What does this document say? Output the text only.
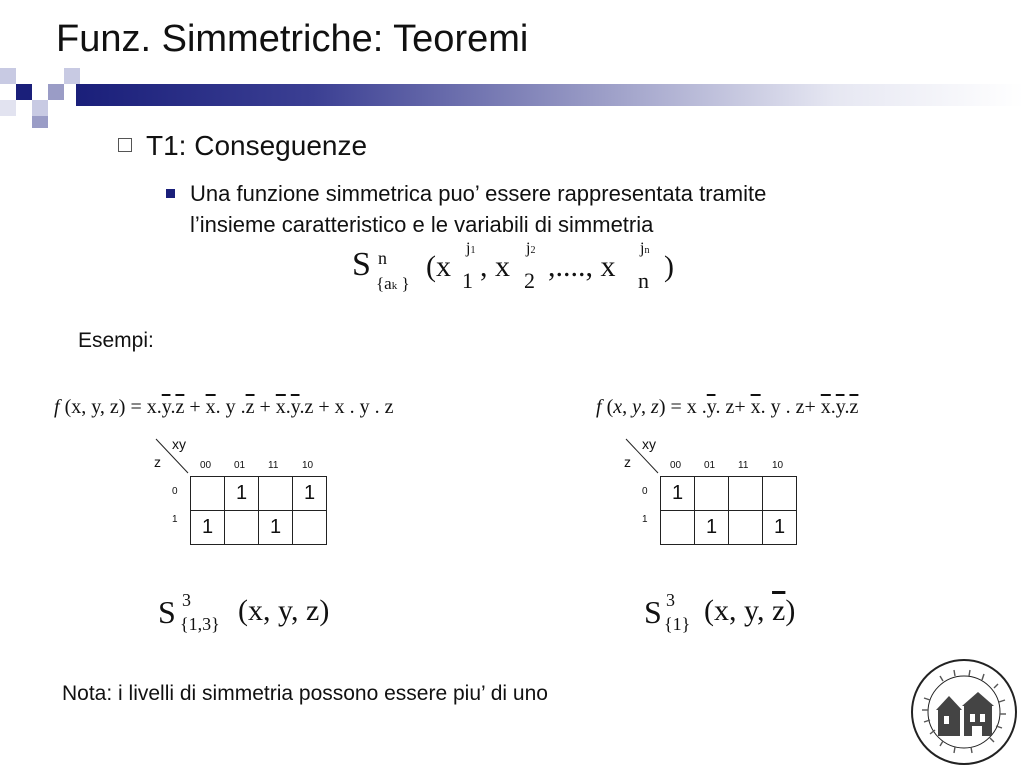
Funz. Simmetriche: Teoremi
T1: Conseguenze
Una funzione simmetrica puo’ essere rappresentata tramite
l’insieme caratteristico e le variabili di simmetria
S n
{ak }
(x
j1
1 , x
j2
2 ,...., x
jn
n )
Esempi:
f (x, y, $z) = x.\overline{y}.\overline{z} + \overline{x}$. y $.\overline{z} + \overline{x}.\overline{y}.z + x$ . y . z
xy
z	00 01 11 10
0
1
	1		1
1		1	
S 3
{1,3} (x, y, z)
f (x, y, z) = x $.\overline{y}$. $z+ \overline{x}$. y . $z+ \overline{x}.\overline{y}.\overline{z}$
xy
z	00 01 11 10
0
1
1			
	1		1
S 3
{1} (x, y, $\overline{z}$)
Nota: i livelli di simmetria possono essere piu’ di uno
